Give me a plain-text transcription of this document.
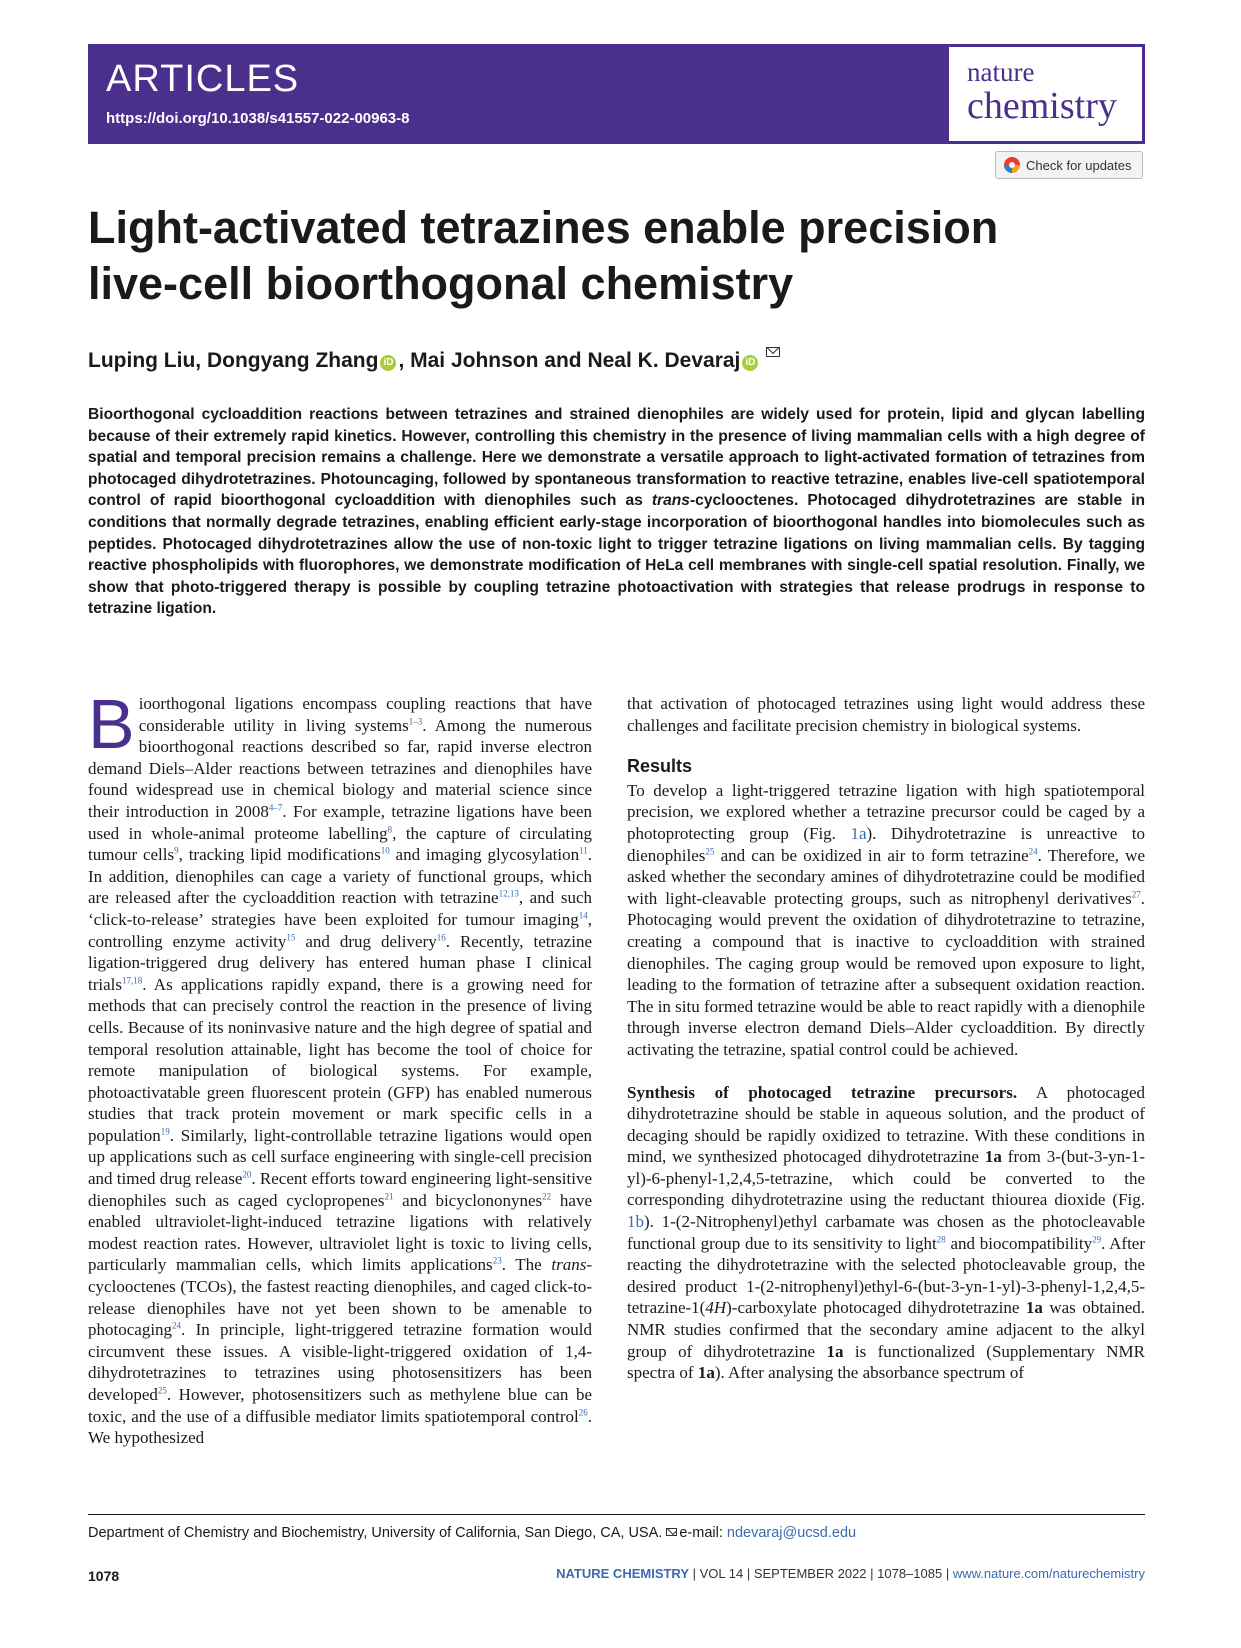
ARTICLES
https://doi.org/10.1038/s41557-022-00963-8
nature
chemistry
Check for updates
Light-activated tetrazines enable precision
live-cell bioorthogonal chemistry
Luping Liu, Dongyang Zhang iD , Mai Johnson and Neal K. Devaraj iD

Bioorthogonal cycloaddition reactions between tetrazines and strained dienophiles are widely used for protein, lipid and glycan labelling because of their extremely rapid kinetics. However, controlling this chemistry in the presence of living mammalian cells with a high degree of spatial and temporal precision remains a challenge. Here we demonstrate a versatile approach to light-activated formation of tetrazines from photocaged dihydrotetrazines. Photouncaging, followed by spontaneous transformation to reactive tetrazine, enables live-cell spatiotemporal control of rapid bioorthogonal cycloaddition with dienophiles such as trans-cyclooctenes. Photocaged dihydrotetrazines are stable in conditions that normally degrade tetrazines, enabling efficient early-stage incorporation of bioorthogonal handles into biomolecules such as peptides. Photocaged dihydrotetrazines allow the use of non-toxic light to trigger tetrazine ligations on living mammalian cells. By tagging reactive phospholipids with fluorophores, we demonstrate modification of HeLa cell membranes with single-cell spatial resolution. Finally, we show that photo-triggered therapy is possible by coupling tetrazine photoactivation with strategies that release prodrugs in response to tetrazine ligation.

Bioorthogonal ligations encompass coupling reactions that have considerable utility in living systems$^{1-3}$. Among the numerous bioorthogonal reactions described so far, rapid inverse electron demand Diels–Alder reactions between tetrazines and dienophiles have found widespread use in chemical biology and material science since their introduction in 2008$^{4-7}$. For example, tetrazine ligations have been used in whole-animal proteome labelling$^8$, the capture of circulating tumour cells$^9$, tracking lipid modifications$^{10}$ and imaging glycosylation$^{11}$. In addition, dienophiles can cage a variety of functional groups, which are released after the cycloaddition reaction with tetrazine$^{12,13}$, and such ‘click-to-release’ strategies have been exploited for tumour imaging$^{14}$, controlling enzyme activity$^{15}$ and drug delivery$^{16}$. Recently, tetrazine ligation-triggered drug delivery has entered human phase I clinical trials$^{17,18}$. As applications rapidly expand, there is a growing need for methods that can precisely control the reaction in the presence of living cells. Because of its noninvasive nature and the high degree of spatial and temporal resolution attainable, light has become the tool of choice for remote manipulation of biological systems. For example, photoactivatable green fluorescent protein (GFP) has enabled numerous studies that track protein movement or mark specific cells in a population$^{19}$. Similarly, light-controllable tetrazine ligations would open up applications such as cell surface engineering with single-cell precision and timed drug release$^{20}$. Recent efforts toward engineering light-sensitive dienophiles such as caged cyclopropenes$^{21}$ and bicyclononynes$^{22}$ have enabled ultraviolet-light-induced tetrazine ligations with relatively modest reaction rates. However, ultraviolet light is toxic to living cells, particularly mammalian cells, which limits applications$^{23}$. The trans-cyclooctenes (TCOs), the fastest reacting dienophiles, and caged click-to-release dienophiles have not yet been shown to be amenable to photocaging$^{24}$. In principle, light-triggered tetrazine formation would circumvent these issues. A visible-light-triggered oxidation of 1,4-dihydrotetrazines to tetrazines using photosensitizers has been developed$^{25}$. However, photosensitizers such as methylene blue can be toxic, and the use of a diffusible mediator limits spatiotemporal control$^{26}$. We hypothesized

that activation of photocaged tetrazines using light would address these challenges and facilitate precision chemistry in biological systems.

Results

To develop a light-triggered tetrazine ligation with high spatiotemporal precision, we explored whether a tetrazine precursor could be caged by a photoprotecting group (Fig. 1a). Dihydrotetrazine is unreactive to dienophiles$^{25}$ and can be oxidized in air to form tetrazine$^{24}$. Therefore, we asked whether the secondary amines of dihydrotetrazine could be modified with light-cleavable protecting groups, such as nitrophenyl derivatives$^{27}$. Photocaging would prevent the oxidation of dihydrotetrazine to tetrazine, creating a compound that is inactive to cycloaddition with strained dienophiles. The caging group would be removed upon exposure to light, leading to the formation of tetrazine after a subsequent oxidation reaction. The in situ formed tetrazine would be able to react rapidly with a dienophile through inverse electron demand Diels–Alder cycloaddition. By directly activating the tetrazine, spatial control could be achieved.

Synthesis of photocaged tetrazine precursors. A photocaged dihydrotetrazine should be stable in aqueous solution, and the product of decaging should be rapidly oxidized to tetrazine. With these conditions in mind, we synthesized photocaged dihydrotetrazine 1a from 3-(but-3-yn-1-yl)-6-phenyl-1,2,4,5-tetrazine, which could be converted to the corresponding dihydrotetrazine using the reductant thiourea dioxide (Fig. 1b). 1-(2-Nitrophenyl)ethyl carbamate was chosen as the photocleavable functional group due to its sensitivity to light$^{28}$ and biocompatibility$^{29}$. After reacting the dihydrotetrazine with the selected photocleavable group, the desired product 1-(2-nitrophenyl)ethyl-6-(but-3-yn-1-yl)-3-phenyl-1,2,4,5-tetrazine-1(4H)-carboxylate photocaged dihydrotetrazine 1a was obtained. NMR studies confirmed that the secondary amine adjacent to the alkyl group of dihydrotetrazine 1a is functionalized (Supplementary NMR spectra of 1a). After analysing the absorbance spectrum of

Department of Chemistry and Biochemistry, University of California, San Diego, CA, USA. e-mail: ndevaraj@ucsd.edu
1078	NATURE CHEMISTRY | VOL 14 | SEPTEMBER 2022 | 1078–1085 | www.nature.com/naturechemistry
